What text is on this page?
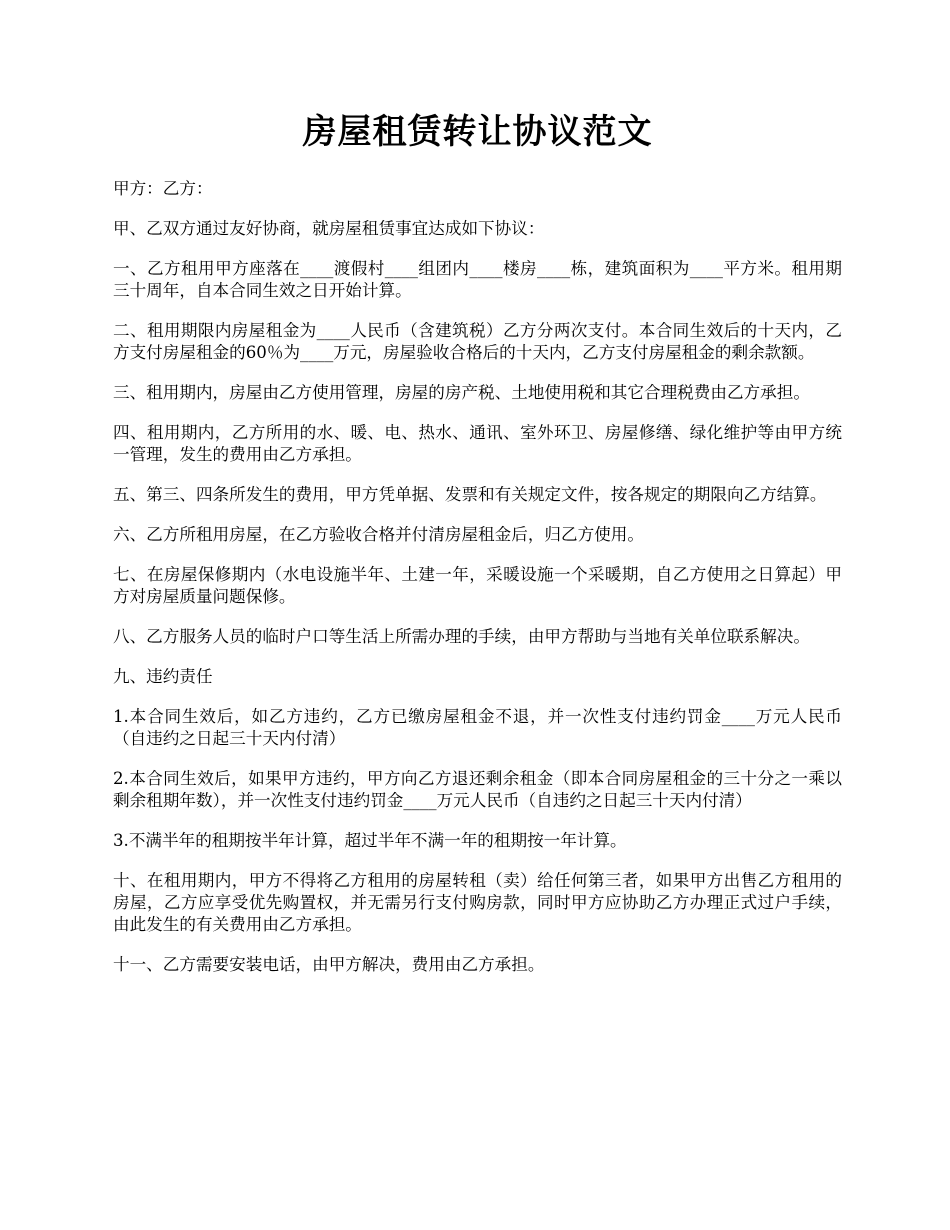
房屋租赁转让协议范文

甲方：乙方：

甲、乙双方通过友好协商，就房屋租赁事宜达成如下协议：

一、乙方租用甲方座落在____渡假村____组团内____楼房____栋，建筑面积为____平方米。租用期三十周年，自本合同生效之日开始计算。

二、租用期限内房屋租金为____人民币（含建筑税）乙方分两次支付。本合同生效后的十天内，乙方支付房屋租金的60％为____万元，房屋验收合格后的十天内，乙方支付房屋租金的剩余款额。

三、租用期内，房屋由乙方使用管理，房屋的房产税、土地使用税和其它合理税费由乙方承担。

四、租用期内，乙方所用的水、暖、电、热水、通讯、室外环卫、房屋修缮、绿化维护等由甲方统一管理，发生的费用由乙方承担。

五、第三、四条所发生的费用，甲方凭单据、发票和有关规定文件，按各规定的期限向乙方结算。

六、乙方所租用房屋，在乙方验收合格并付清房屋租金后，归乙方使用。

七、在房屋保修期内（水电设施半年、土建一年，采暖设施一个采暖期，自乙方使用之日算起）甲方对房屋质量问题保修。

八、乙方服务人员的临时户口等生活上所需办理的手续，由甲方帮助与当地有关单位联系解决。

九、违约责任

1.本合同生效后，如乙方违约，乙方已缴房屋租金不退，并一次性支付违约罚金____万元人民币（自违约之日起三十天内付清）

2.本合同生效后，如果甲方违约，甲方向乙方退还剩余租金（即本合同房屋租金的三十分之一乘以剩余租期年数），并一次性支付违约罚金____万元人民币（自违约之日起三十天内付清）

3.不满半年的租期按半年计算，超过半年不满一年的租期按一年计算。

十、在租用期内，甲方不得将乙方租用的房屋转租（卖）给任何第三者，如果甲方出售乙方租用的房屋，乙方应享受优先购置权，并无需另行支付购房款，同时甲方应协助乙方办理正式过户手续，由此发生的有关费用由乙方承担。

十一、乙方需要安装电话，由甲方解决，费用由乙方承担。
